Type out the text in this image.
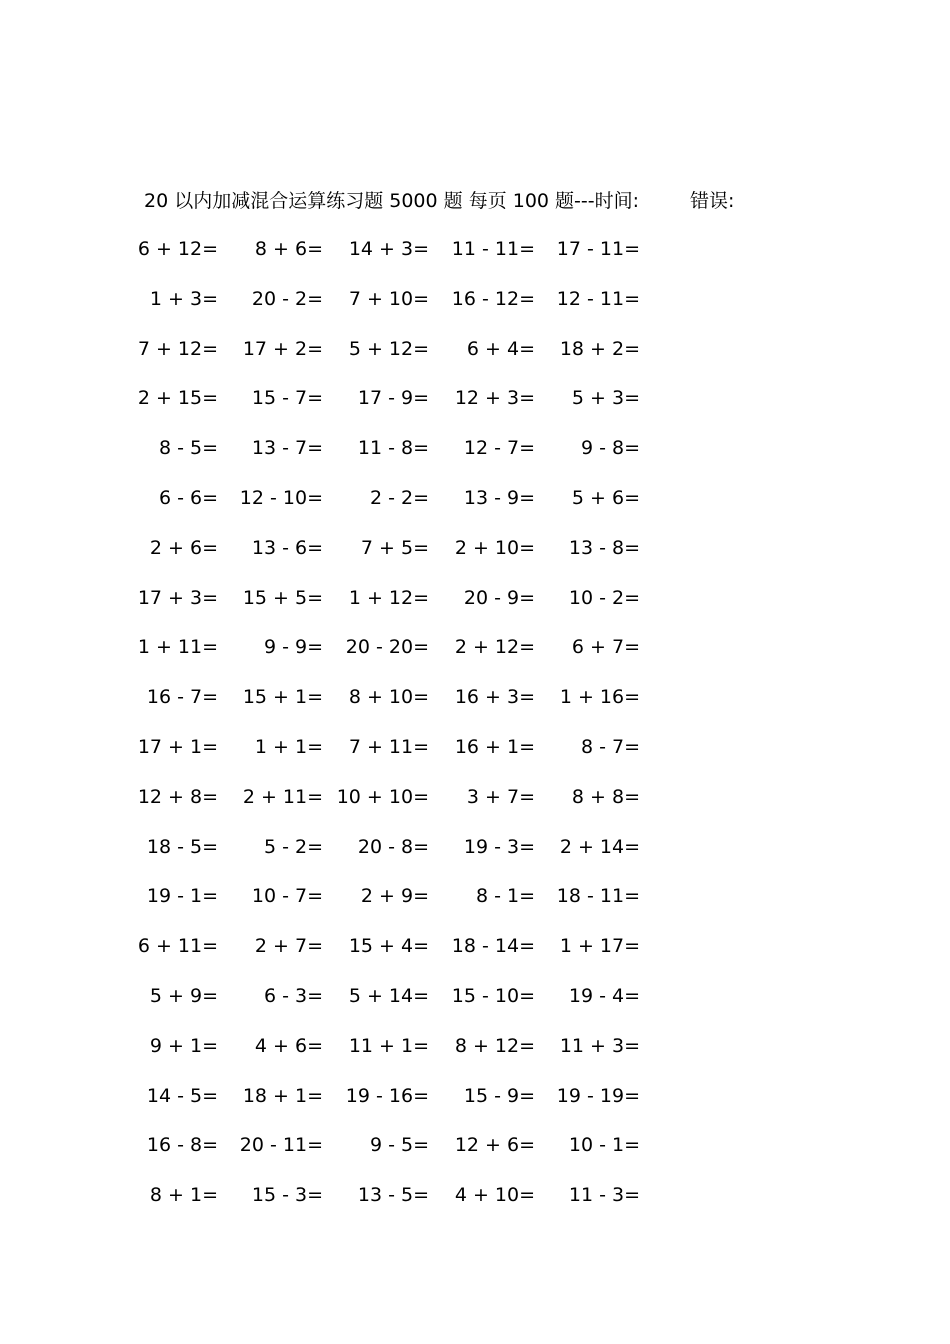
20 以内加减混合运算练习题 5000 题 每页 100 题---时间:	错误:
6 + 12=	8 + 6=	14 + 3=	11 - 11=	17 - 11=
1 + 3=	20 - 2=	7 + 10=	16 - 12=	12 - 11=
7 + 12=	17 + 2=	5 + 12=	6 + 4=	18 + 2=
2 + 15=	15 - 7=	17 - 9=	12 + 3=	5 + 3=
8 - 5=	13 - 7=	11 - 8=	12 - 7=	9 - 8=
6 - 6=	12 - 10=	2 - 2=	13 - 9=	5 + 6=
2 + 6=	13 - 6=	7 + 5=	2 + 10=	13 - 8=
17 + 3=	15 + 5=	1 + 12=	20 - 9=	10 - 2=
1 + 11=	9 - 9=	20 - 20=	2 + 12=	6 + 7=
16 - 7=	15 + 1=	8 + 10=	16 + 3=	1 + 16=
17 + 1=	1 + 1=	7 + 11=	16 + 1=	8 - 7=
12 + 8=	2 + 11= 10 + 10=	3 + 7=	8 + 8=
18 - 5=	5 - 2=	20 - 8=	19 - 3=	2 + 14=
19 - 1=	10 - 7=	2 + 9=	8 - 1=	18 - 11=
6 + 11=	2 + 7=	15 + 4=	18 - 14=	1 + 17=
5 + 9=	6 - 3=	5 + 14=	15 - 10=	19 - 4=
9 + 1=	4 + 6=	11 + 1=	8 + 12=	11 + 3=
14 - 5=	18 + 1=	19 - 16=	15 - 9=	19 - 19=
16 - 8=	20 - 11=	9 - 5=	12 + 6=	10 - 1=
8 + 1=	15 - 3=	13 - 5=	4 + 10=	11 - 3=
